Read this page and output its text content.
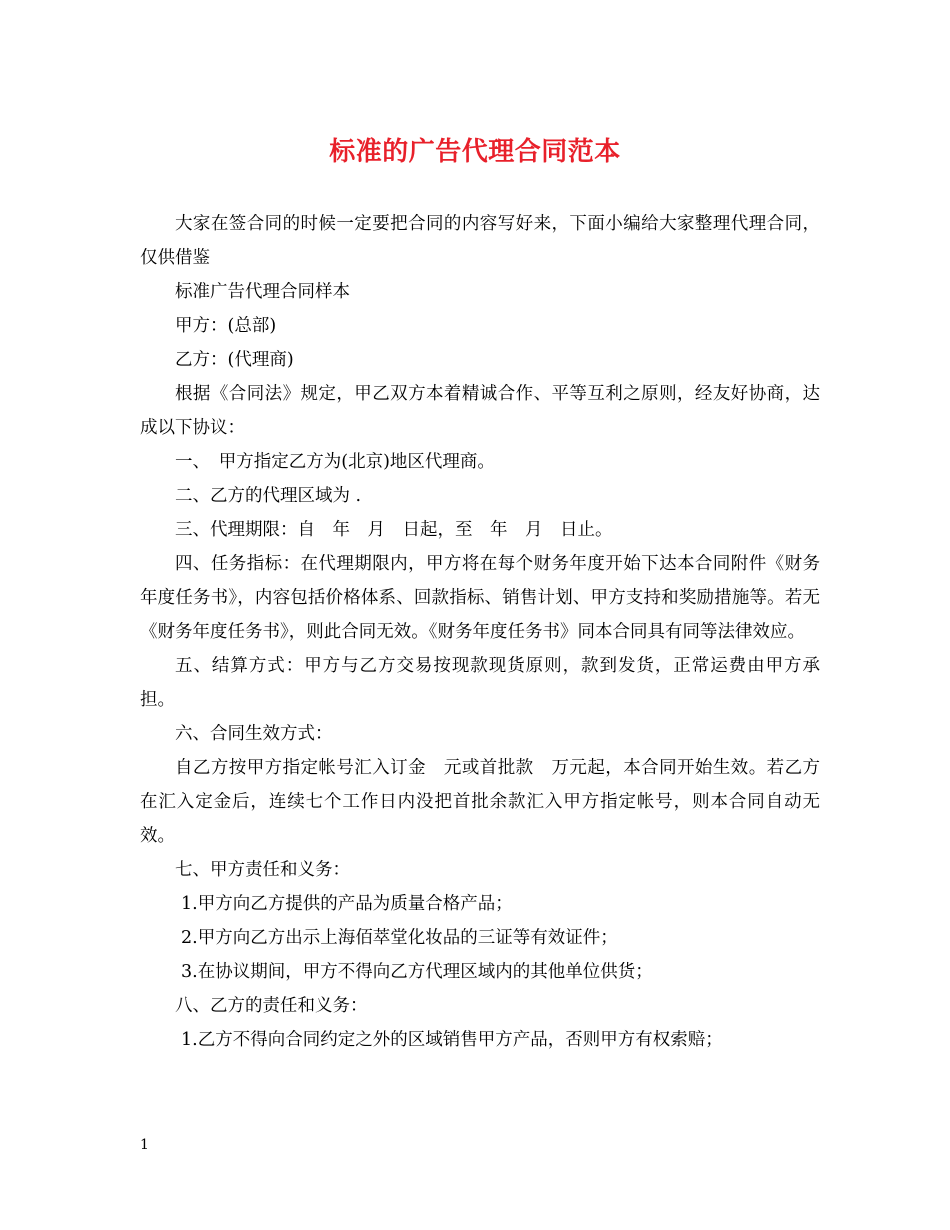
标准的广告代理合同范本

大家在签合同的时候一定要把合同的内容写好来，下面小编给大家整理代理合同，仅供借鉴

标准广告代理合同样本

甲方：(总部)

乙方：(代理商)

根据《合同法》规定，甲乙双方本着精诚合作、平等互利之原则，经友好协商，达成以下协议：

一、　甲方指定乙方为(北京)地区代理商。

二、乙方的代理区域为 .

三、代理期限：自　年　月　日起，至　年　月　日止。

四、任务指标：在代理期限内，甲方将在每个财务年度开始下达本合同附件《财务年度任务书》，内容包括价格体系、回款指标、销售计划、甲方支持和奖励措施等。若无《财务年度任务书》，则此合同无效。《财务年度任务书》同本合同具有同等法律效应。

五、结算方式：甲方与乙方交易按现款现货原则，款到发货，正常运费由甲方承担。

六、合同生效方式：

自乙方按甲方指定帐号汇入订金　元或首批款　万元起，本合同开始生效。若乙方在汇入定金后，连续七个工作日内没把首批余款汇入甲方指定帐号，则本合同自动无效。

七、甲方责任和义务：

1.甲方向乙方提供的产品为质量合格产品；

2.甲方向乙方出示上海佰萃堂化妆品的三证等有效证件；

3.在协议期间，甲方不得向乙方代理区域内的其他单位供货；

八、乙方的责任和义务：

1.乙方不得向合同约定之外的区域销售甲方产品，否则甲方有权索赔；

1
